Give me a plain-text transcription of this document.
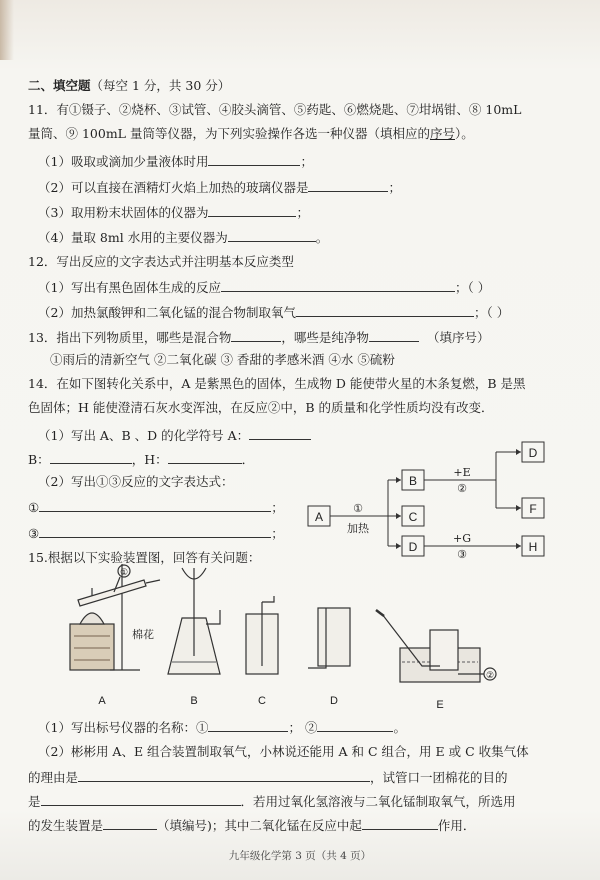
二、填空题（每空 1 分，共 30 分）
11．有①镊子、②烧杯、③试管、④胶头滴管、⑤药匙、⑥燃烧匙、⑦坩埚钳、⑧ 10mL
量筒、⑨ 100mL 量筒等仪器，为下列实验操作各选一种仪器（填相应的序号）。
（1）吸取或滴加少量液体时用	；
（2）可以直接在酒精灯火焰上加热的玻璃仪器是	；
（3）取用粉末状固体的仪器为	；
（4）量取 8ml 水用的主要仪器为	。
12．写出反应的文字表达式并注明基本反应类型
（1）写出有黑色固体生成的反应	；（ ）
（2）加热氯酸钾和二氧化锰的混合物制取氧气	；（ ）
13．指出下列物质里，哪些是混合物	，哪些是纯净物	（填序号）
①雨后的清新空气 ②二氧化碳 ③ 香甜的孝感米酒 ④水 ⑤硫粉
14．在如下图转化关系中，A 是紫黑色的固体，生成物 D 能使带火星的木条复燃，B 是黑
色固体；H 能使澄清石灰水变浑浊，在反应②中，B 的质量和化学性质均没有改变．
（1）写出 A、B 、D 的化学符号 A：
B：	，H：	．
（2）写出①③反应的文字表达式：
①	；
③	；
15.根据以下实验装置图，回答有关问题：
（1）写出标号仪器的名称：①	； ②	。
（2）彬彬用 A、E 组合装置制取氧气，小林说还能用 A 和 C 组合，用 E 或 C 收集气体
的理由是	，试管口一团棉花的目的
是	．若用过氧化氢溶液与二氧化锰制取氧气，所选用
的发生装置是	（填编号)；其中二氧化锰在反应中起	作用．
A
B
C
D
D
F
H
①
加热
+E
②
+G
③
①
棉花
②
A	B	C	D	E
九年级化学第 3 页（共 4 页）
